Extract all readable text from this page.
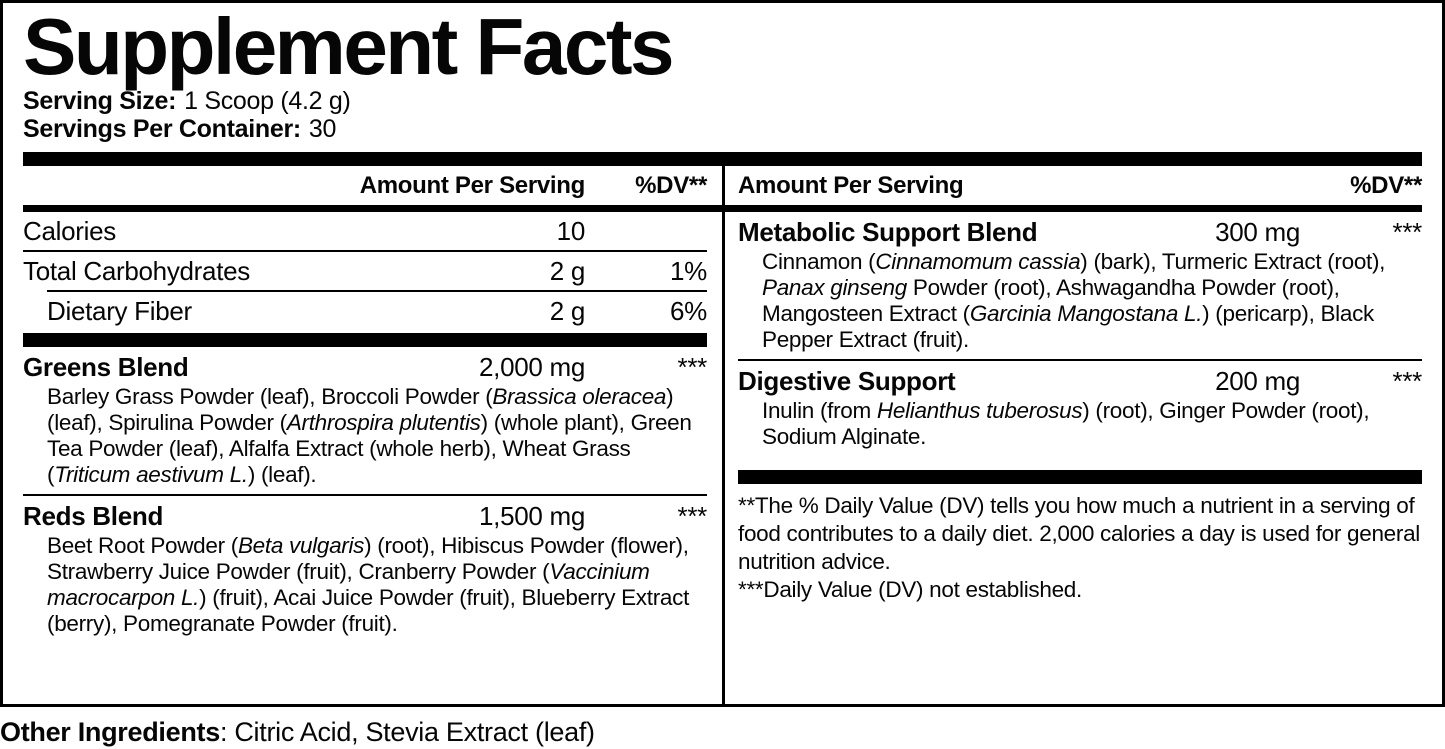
Supplement Facts
Serving Size: 1 Scoop (4.2 g)
Servings Per Container: 30
Amount Per Serving	%DV**
Calories	10
Total Carbohydrates	2 g	1%
Dietary Fiber	2 g	6%
Greens Blend	2,000 mg	***
Barley Grass Powder (leaf), Broccoli Powder (Brassica oleracea) (leaf), Spirulina Powder (Arthrospira plutentis) (whole plant), Green Tea Powder (leaf), Alfalfa Extract (whole herb), Wheat Grass (Triticum aestivum L.) (leaf).
Reds Blend	1,500 mg	***
Beet Root Powder (Beta vulgaris) (root), Hibiscus Powder (flower), Strawberry Juice Powder (fruit), Cranberry Powder (Vaccinium macrocarpon L.) (fruit), Acai Juice Powder (fruit), Blueberry Extract (berry), Pomegranate Powder (fruit).
Amount Per Serving	%DV**
Metabolic Support Blend	300 mg	***
Cinnamon (Cinnamomum cassia) (bark), Turmeric Extract (root), Panax ginseng Powder (root), Ashwagandha Powder (root), Mangosteen Extract (Garcinia Mangostana L.) (pericarp), Black Pepper Extract (fruit).
Digestive Support	200 mg	***
Inulin (from Helianthus tuberosus) (root), Ginger Powder (root), Sodium Alginate.

**The % Daily Value (DV) tells you how much a nutrient in a serving of food contributes to a daily diet. 2,000 calories a day is used for general nutrition advice.

***Daily Value (DV) not established.

Other Ingredients: Citric Acid, Stevia Extract (leaf)
